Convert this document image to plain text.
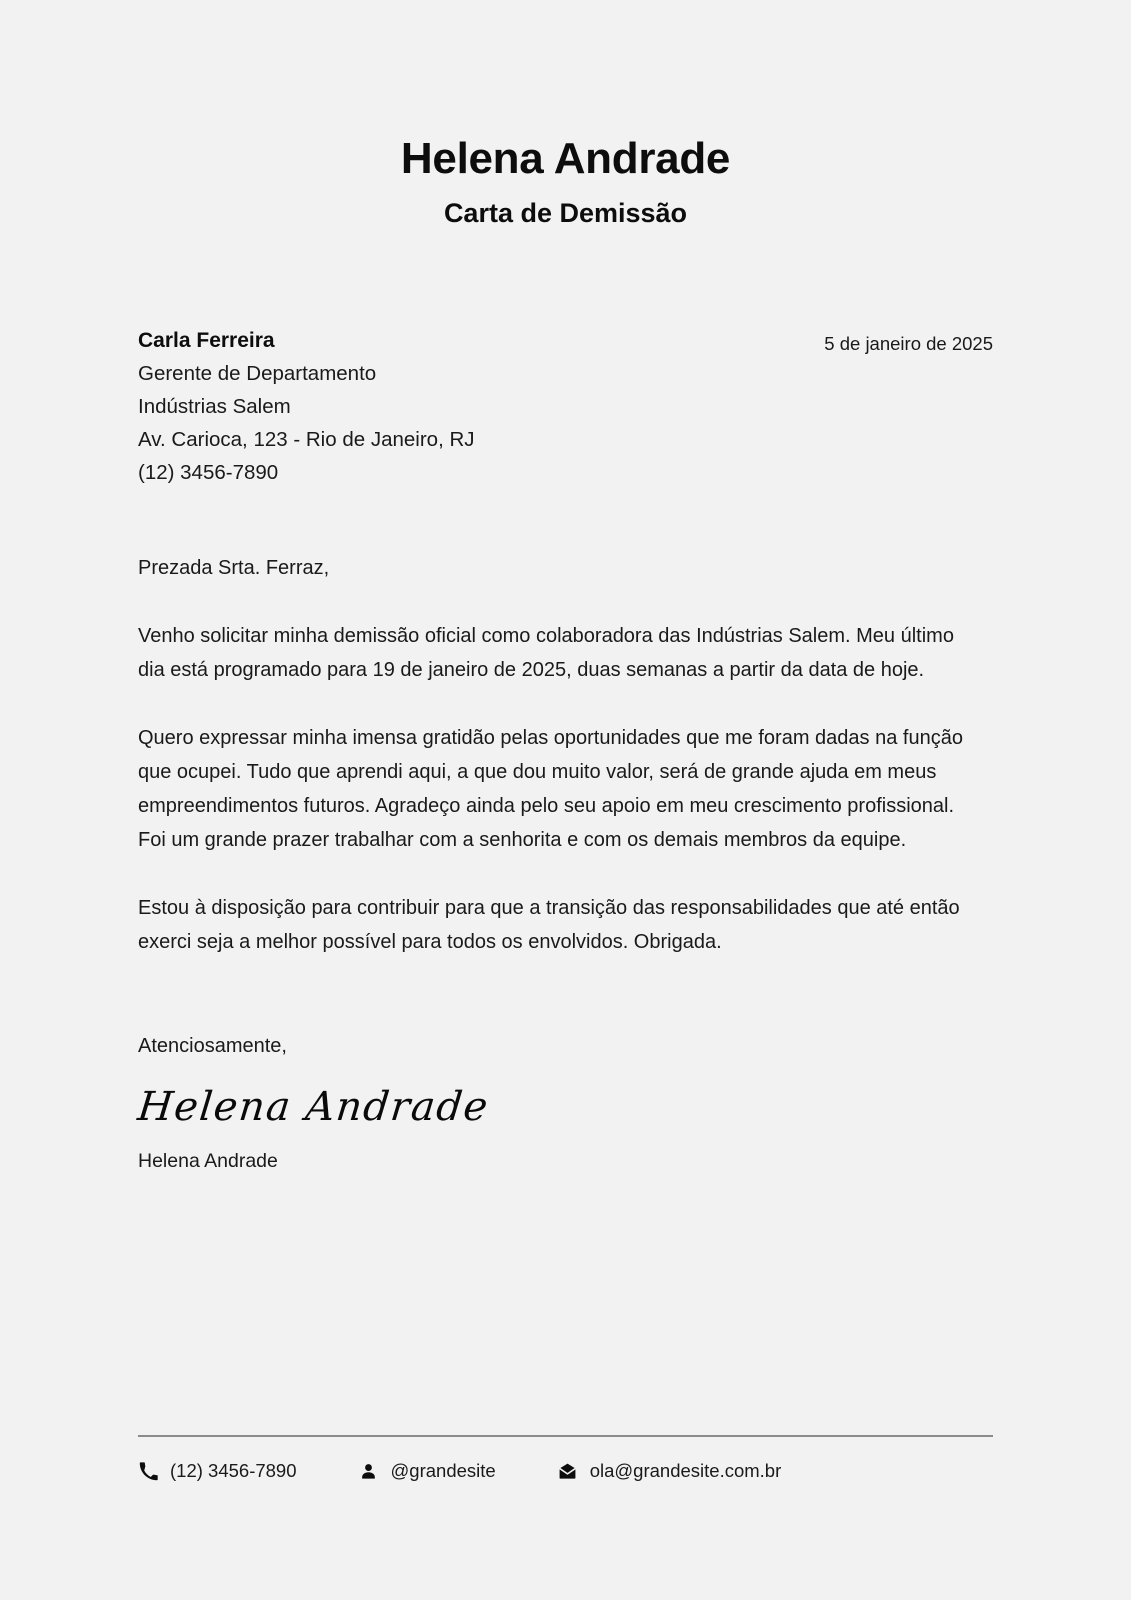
Helena Andrade
Carta de Demissão
Carla Ferreira
Gerente de Departamento
Indústrias Salem
Av. Carioca, 123 - Rio de Janeiro, RJ
(12) 3456-7890
5 de janeiro de 2025

Prezada Srta. Ferraz,

Venho solicitar minha demissão oficial como colaboradora das Indústrias Salem. Meu último dia está programado para 19 de janeiro de 2025, duas semanas a partir da data de hoje.

Quero expressar minha imensa gratidão pelas oportunidades que me foram dadas na função que ocupei. Tudo que aprendi aqui, a que dou muito valor, será de grande ajuda em meus empreendimentos futuros. Agradeço ainda pelo seu apoio em meu crescimento profissional. Foi um grande prazer trabalhar com a senhorita e com os demais membros da equipe.

Estou à disposição para contribuir para que a transição das responsabilidades que até então exerci seja a melhor possível para todos os envolvidos. Obrigada.

Atenciosamente,

Helena Andrade

Helena Andrade

(12) 3456-7890	@grandesite	ola@grandesite.com.br
